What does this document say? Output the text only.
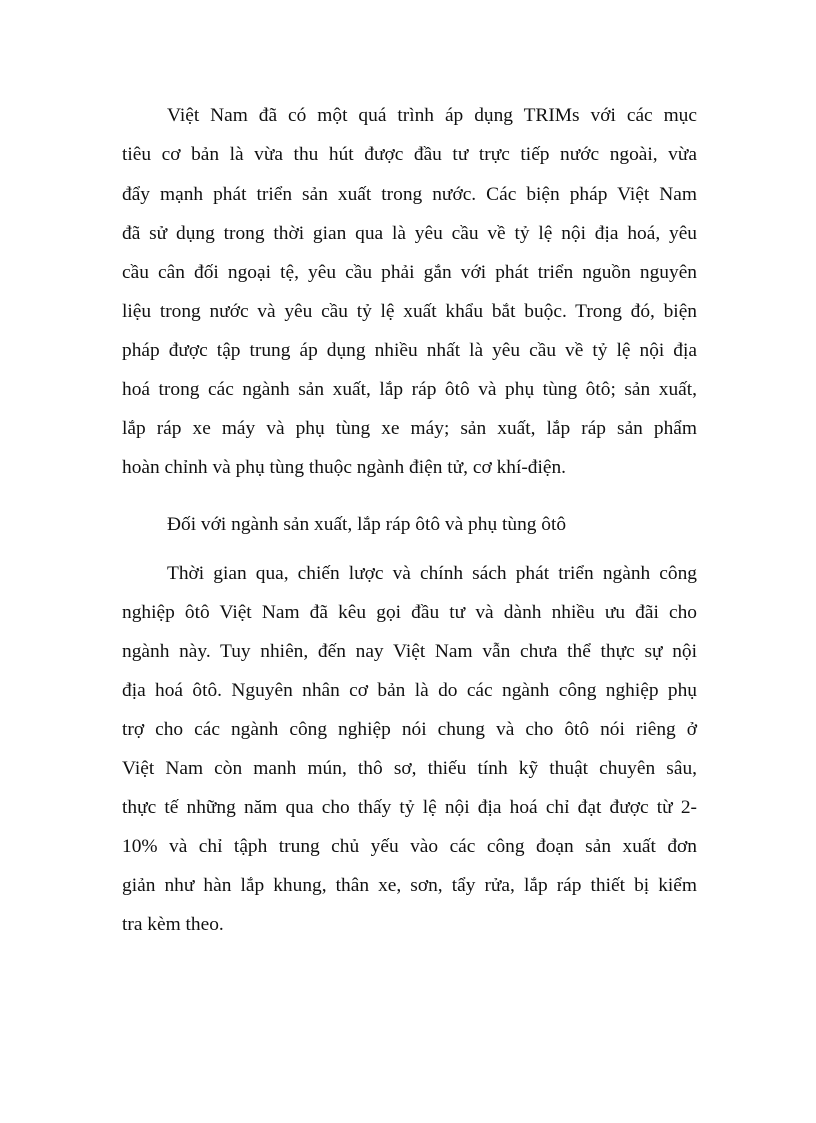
Việt Nam đã có một quá trình áp dụng TRIMs với các mục
tiêu cơ bản là vừa thu hút được đầu tư trực tiếp nước ngoài, vừa
đẩy mạnh phát triển sản xuất trong nước. Các biện pháp Việt Nam
đã sử dụng trong thời gian qua là yêu cầu về tỷ lệ nội địa hoá, yêu
cầu cân đối ngoại tệ, yêu cầu phải gắn với phát triển nguồn nguyên
liệu trong nước và yêu cầu tỷ lệ xuất khẩu bắt buộc. Trong đó, biện
pháp được tập trung áp dụng nhiều nhất là yêu cầu về tỷ lệ nội địa
hoá trong các ngành sản xuất, lắp ráp ôtô và phụ tùng ôtô; sản xuất,
lắp ráp xe máy và phụ tùng xe máy; sản xuất, lắp ráp sản phẩm
hoàn chỉnh và phụ tùng thuộc ngành điện tử, cơ khí-điện.
Đối với ngành sản xuất, lắp ráp ôtô và phụ tùng ôtô
Thời gian qua, chiến lược và chính sách phát triển ngành công
nghiệp ôtô Việt Nam đã kêu gọi đầu tư và dành nhiều ưu đãi cho
ngành này. Tuy nhiên, đến nay Việt Nam vẫn chưa thể thực sự nội
địa hoá ôtô. Nguyên nhân cơ bản là do các ngành công nghiệp phụ
trợ cho các ngành công nghiệp nói chung và cho ôtô nói riêng ở
Việt Nam còn manh mún, thô sơ, thiếu tính kỹ thuật chuyên sâu,
thực tế những năm qua cho thấy tỷ lệ nội địa hoá chỉ đạt được từ 2-
10% và chỉ tậph trung chủ yếu vào các công đoạn sản xuất đơn
giản như hàn lắp khung, thân xe, sơn, tẩy rửa, lắp ráp thiết bị kiểm
tra kèm theo.
